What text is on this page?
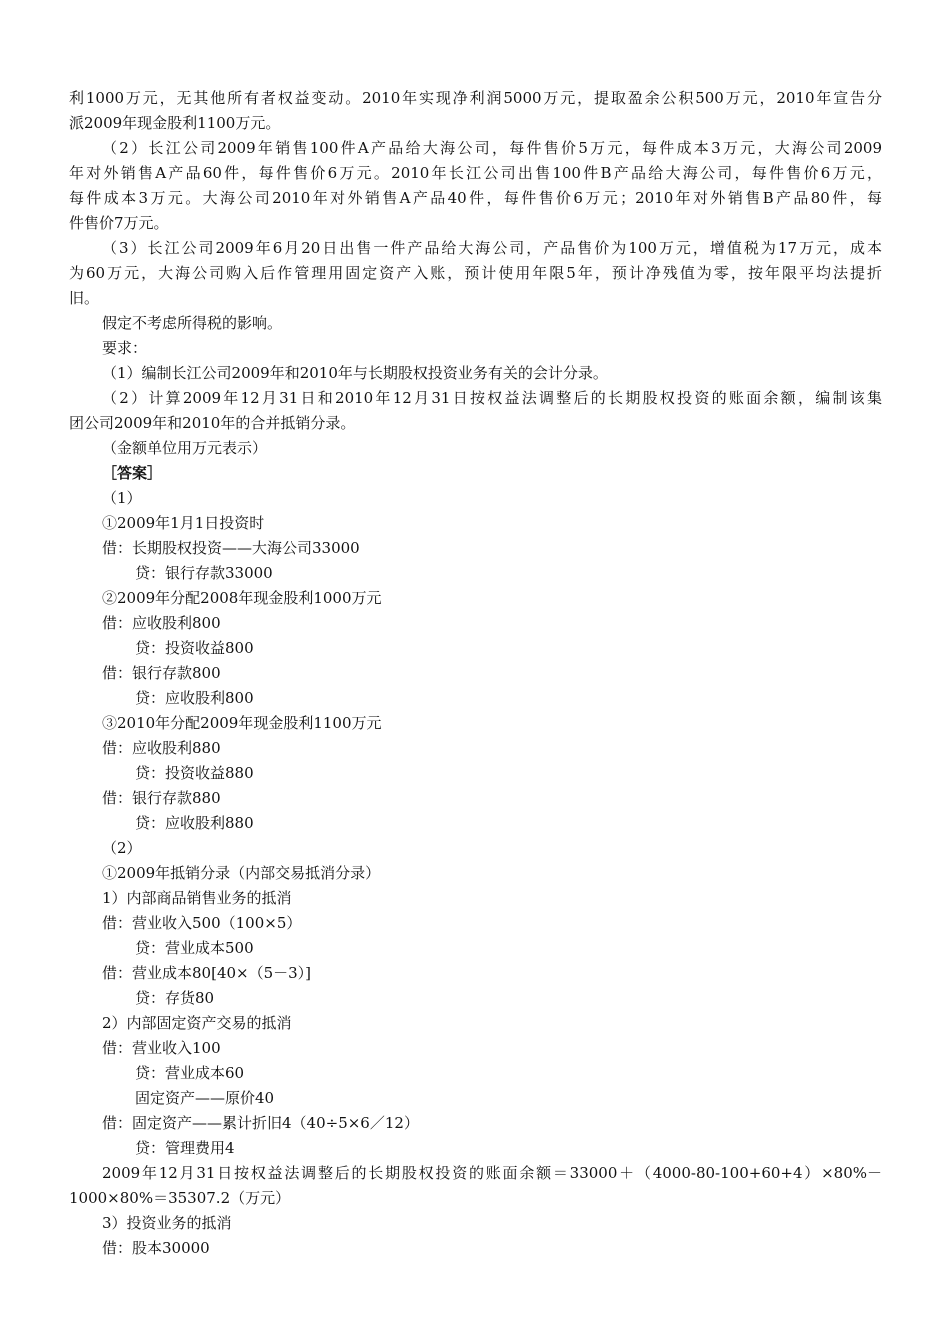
利1000万元，无其他所有者权益变动。2010年实现净利润5000万元，提取盈余公积500万元，2010年宣告分
派2009年现金股利1100万元。
（2）长江公司2009年销售100件A产品给大海公司，每件售价5万元，每件成本3万元，大海公司2009
年对外销售A产品60件，每件售价6万元。2010年长江公司出售100件B产品给大海公司，每件售价6万元，
每件成本3万元。大海公司2010年对外销售A产品40件，每件售价6万元；2010年对外销售B产品80件，每
件售价7万元。
（3）长江公司2009年6月20日出售一件产品给大海公司，产品售价为100万元，增值税为17万元，成本
为60万元，大海公司购入后作管理用固定资产入账，预计使用年限5年，预计净残值为零，按年限平均法提折
旧。
假定不考虑所得税的影响。
要求：
（1）编制长江公司2009年和2010年与长期股权投资业务有关的会计分录。
（2）计算2009年12月31日和2010年12月31日按权益法调整后的长期股权投资的账面余额，编制该集
团公司2009年和2010年的合并抵销分录。
（金额单位用万元表示）
［答案］
（1）
①2009年1月1日投资时
借：长期股权投资——大海公司33000
贷：银行存款33000
②2009年分配2008年现金股利1000万元
借：应收股利800
贷：投资收益800
借：银行存款800
贷：应收股利800
③2010年分配2009年现金股利1100万元
借：应收股利880
贷：投资收益880
借：银行存款880
贷：应收股利880
（2）
①2009年抵销分录（内部交易抵消分录）
1）内部商品销售业务的抵消
借：营业收入500（100×5）
贷：营业成本500
借：营业成本80[40×（5－3）]
贷：存货80
2）内部固定资产交易的抵消
借：营业收入100
贷：营业成本60
固定资产——原价40
借：固定资产——累计折旧4（40÷5×6／12）
贷：管理费用4
2009年12月31日按权益法调整后的长期股权投资的账面余额＝33000＋（4000-80-100+60+4）×80%－
1000×80%＝35307.2（万元）
3）投资业务的抵消
借：股本30000
